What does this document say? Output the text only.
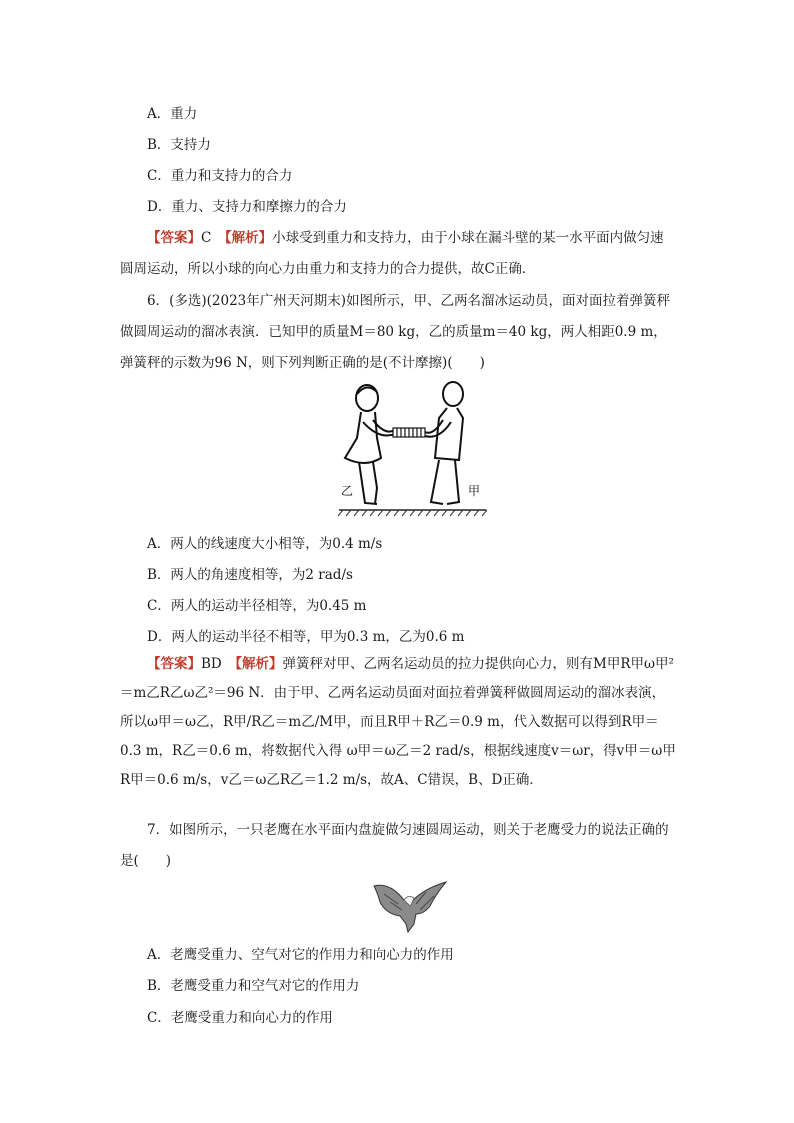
A．重力
B．支持力
C．重力和支持力的合力
D．重力、支持力和摩擦力的合力
【答案】C　 【解析】小球受到重力和支持力，由于小球在漏斗壁的某一水平面内做匀速圆周运动，所以小球的向心力由重力和支持力的合力提供，故C正确．
6．(多选)(2023年广州天河期末)如图所示，甲、乙两名溜冰运动员，面对面拉着弹簧秤做圆周运动的溜冰表演．已知甲的质量M＝80 kg，乙的质量m＝40 kg，两人相距0.9 m，弹簧秤的示数为96 N，则下列判断正确的是(不计摩擦)(　　)
乙	甲
A．两人的线速度大小相等，为0.4 m/s
B．两人的角速度相等，为2 rad/s
C．两人的运动半径相等，为0.45 m
D．两人的运动半径不相等，甲为0.3 m，乙为0.6 m
【答案】BD　 【解析】弹簧秤对甲、乙两名运动员的拉力提供向心力，则有M甲R甲ω甲²＝m乙R乙ω乙²＝96 N．由于甲、乙两名运动员面对面拉着弹簧秤做圆周运动的溜冰表演，所以ω甲＝ω乙，R甲/R乙＝m乙/M甲，而且R甲＋R乙＝0.9 m，代入数据可以得到R甲＝0.3 m，R乙＝0.6 m，将数据代入得 ω甲＝ω乙＝2 rad/s，根据线速度v＝ωr，得v甲＝ω甲R甲＝0.6 m/s，v乙＝ω乙R乙＝1.2 m/s，故A、C错误，B、D正确．
7．如图所示，一只老鹰在水平面内盘旋做匀速圆周运动，则关于老鹰受力的说法正确的是(　　)
A．老鹰受重力、空气对它的作用力和向心力的作用
B．老鹰受重力和空气对它的作用力
C．老鹰受重力和向心力的作用
